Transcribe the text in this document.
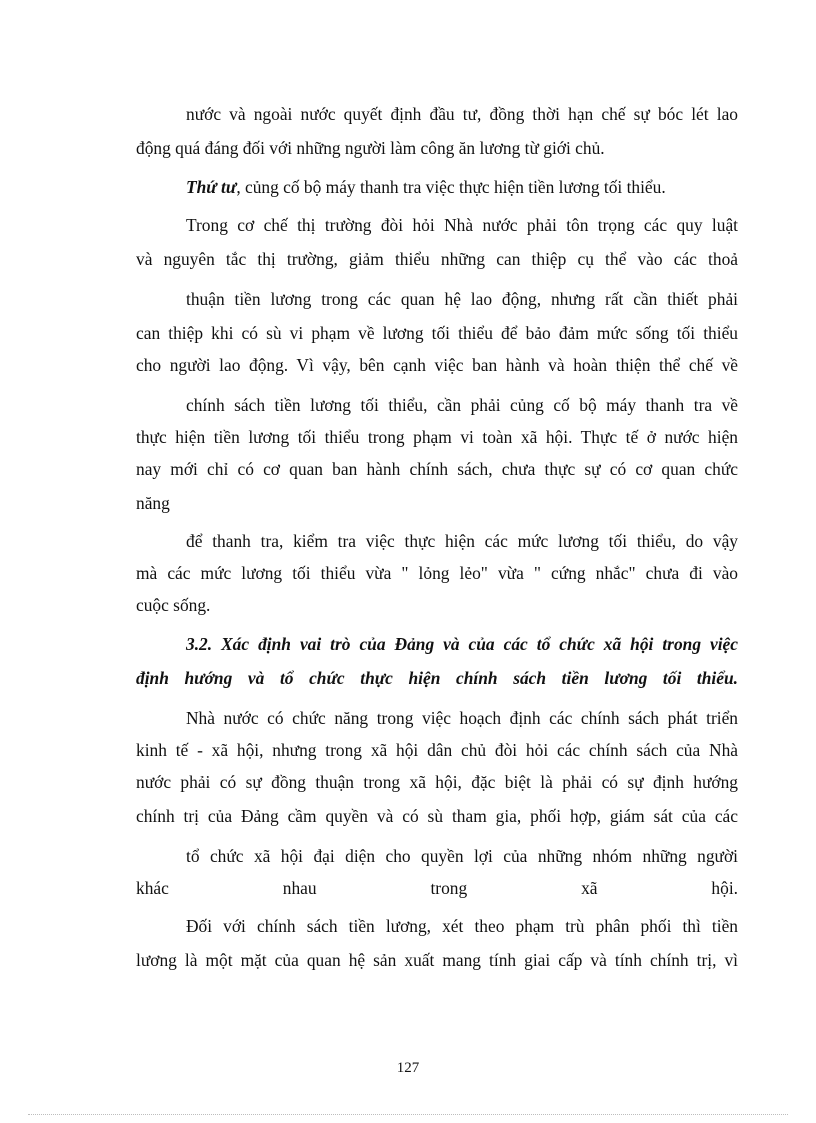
nước và ngoài nước quyết định đầu tư, đồng thời hạn chế sự bóc lét lao
động quá đáng đối với những người làm công ăn lương từ giới chủ.
Thứ tư, củng cố bộ máy thanh tra việc thực hiện tiền lương tối thiểu.
Trong cơ chế thị trường đòi hỏi Nhà nước phải tôn trọng các quy luật
và nguyên tắc thị trường, giảm thiểu những can thiệp cụ thể vào các thoả
thuận tiền lương trong các quan hệ lao động, nhưng rất cần thiết phải
can thiệp khi có sù vi phạm về lương tối thiểu để bảo đảm mức sống tối thiểu
cho người lao động. Vì vậy, bên cạnh việc ban hành và hoàn thiện thể chế về
chính sách tiền lương tối thiểu, cần phải củng cố bộ máy thanh tra về
thực hiện tiền lương tối thiểu trong phạm vi toàn xã hội. Thực tế ở nước hiện
nay mới chỉ có cơ quan ban hành chính sách, chưa thực sự có cơ quan chức
năng
để thanh tra, kiểm tra việc thực hiện các mức lương tối thiểu, do vậy
mà các mức lương tối thiểu vừa " lỏng lẻo" vừa " cứng nhắc" chưa đi vào
cuộc sống.
3.2. Xác định vai trò của Đảng và của các tổ chức xã hội trong việc
định hướng và tổ chức thực hiện chính sách tiền lương tối thiểu.
Nhà nước có chức năng trong việc hoạch định các chính sách phát triển
kinh tế - xã hội, nhưng trong xã hội dân chủ đòi hỏi các chính sách của Nhà
nước phải có sự đồng thuận trong xã hội, đặc biệt là phải có sự định hướng
chính trị của Đảng cầm quyền và có sù tham gia, phối hợp, giám sát của các
tổ chức xã hội đại diện cho quyền lợi của những nhóm những người
khác nhau trong xã hội.
Đối với chính sách tiền lương, xét theo phạm trù phân phối thì tiền
lương là một mặt của quan hệ sản xuất mang tính giai cấp và tính chính trị, vì
127
